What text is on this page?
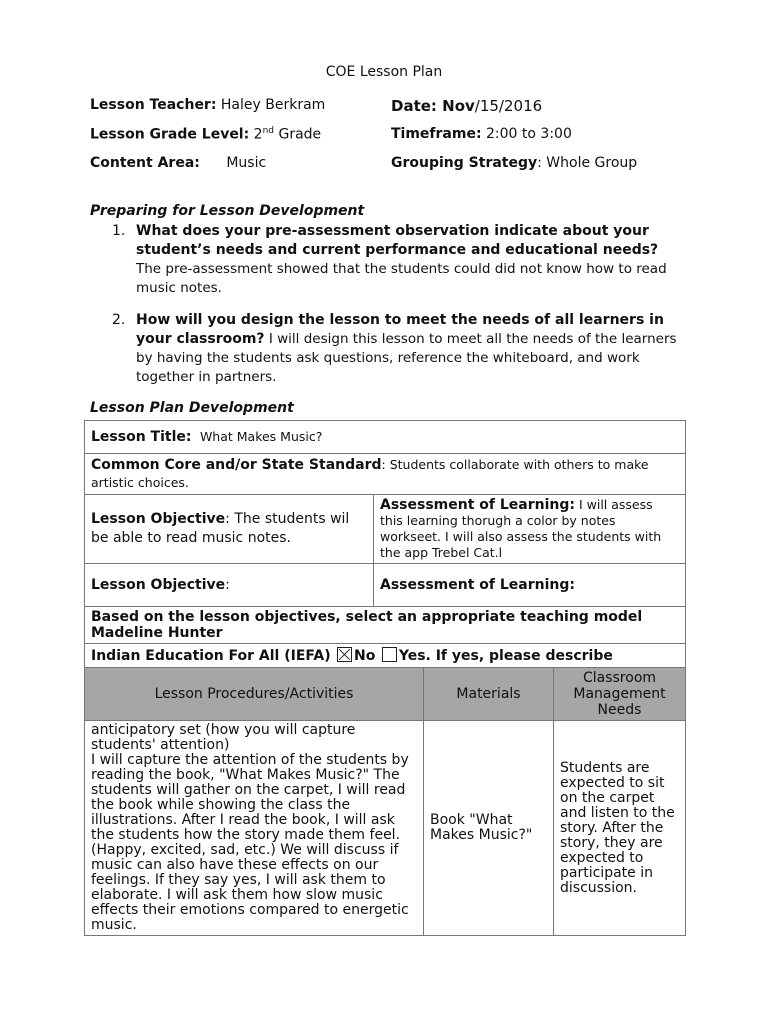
COE Lesson Plan
Lesson Teacher: Haley Berkram	Date: Nov/15/2016
Lesson Grade Level: 2nd Grade	Timeframe: 2:00 to 3:00
Content Area: Music	Grouping Strategy: Whole Group
Preparing for Lesson Development
1. What does your pre-assessment observation indicate about your student’s needs and current performance and educational needs?
The pre-assessment showed that the students could did not know how to read music notes.
2. How will you design the lesson to meet the needs of all learners in your classroom? I will design this lesson to meet all the needs of the learners by having the students ask questions, reference the whiteboard, and work together in partners.
Lesson Plan Development
Lesson Title: What Makes Music?			
Common Core and/or State Standard: Students collaborate with others to make artistic choices.			
Lesson Objective: The students wil be able to read music notes.	Assessment of Learning: I will assess this learning thorugh a color by notes workseet. I will also assess the students with the app Trebel Cat.l		
Lesson Objective:	Assessment of Learning:		
Based on the lesson objectives, select an appropriate teaching model
Madeline Hunter			
Indian Education For All (IEFA) No Yes. If yes, please describe			
Lesson Procedures/Activities		Materials	Classroom Management Needs
anticipatory set (how you will capture students' attention)
I will capture the attention of the students by reading the book, "What Makes Music?" The students will gather on the carpet, I will read the book while showing the class the illustrations. After I read the book, I will ask the students how the story made them feel. (Happy, excited, sad, etc.) We will discuss if music can also have these effects on our feelings. If they say yes, I will ask them to elaborate. I will ask them how slow music effects their emotions compared to energetic music.		Book "What Makes Music?"	Students are expected to sit on the carpet and listen to the story. After the story, they are expected to participate in discussion.
